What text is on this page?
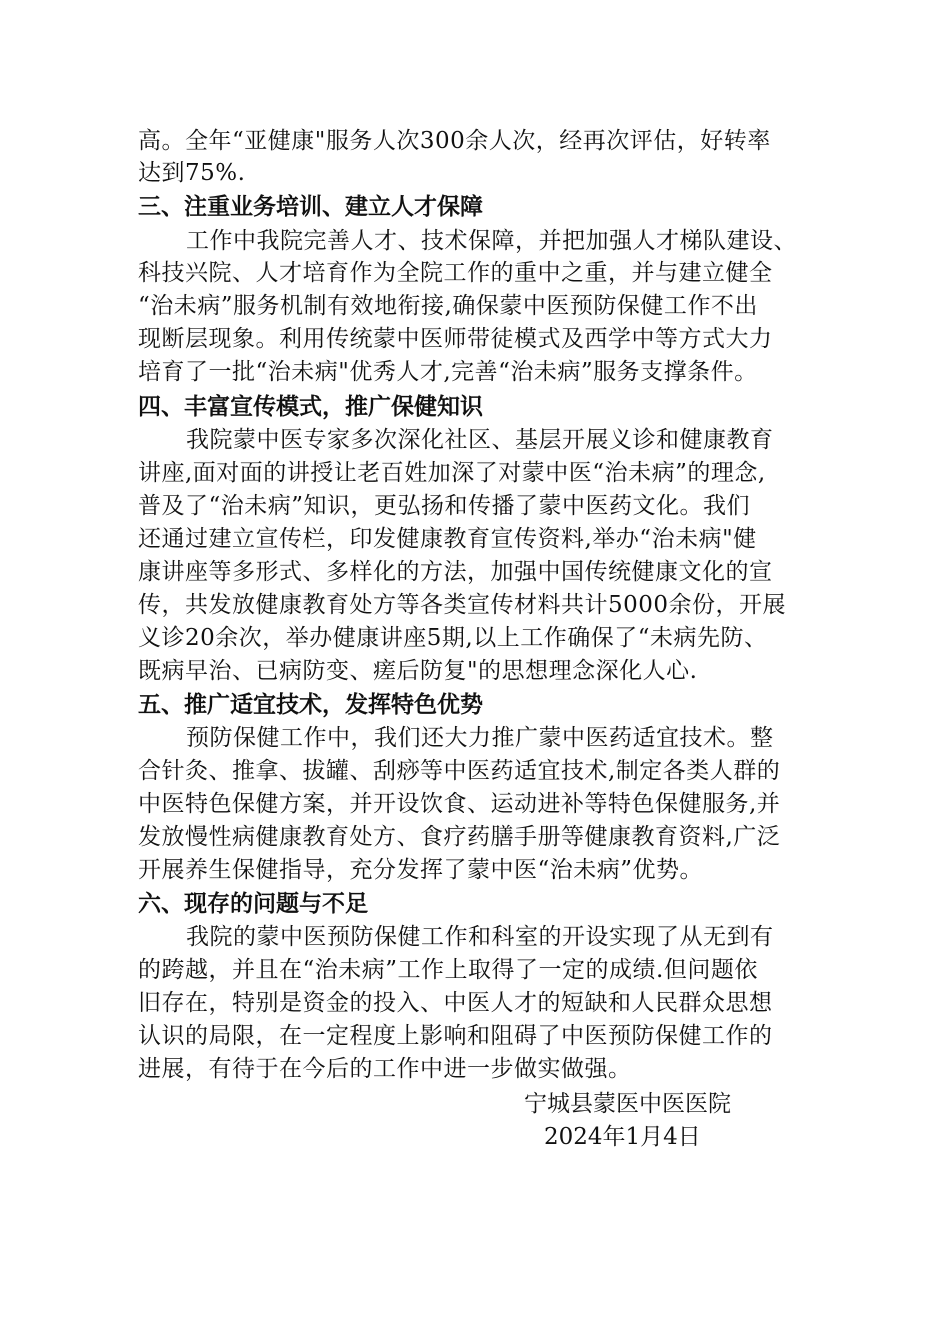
高。全年“亚健康"服务人次300余人次，经再次评估，好转率
达到75%.
三、注重业务培训、建立人才保障
工作中我院完善人才、技术保障，并把加强人才梯队建设、
科技兴院、人才培育作为全院工作的重中之重，并与建立健全
“治未病”服务机制有效地衔接,确保蒙中医预防保健工作不出
现断层现象。利用传统蒙中医师带徒模式及西学中等方式大力
培育了一批“治未病"优秀人才,完善“治未病”服务支撑条件。
四、丰富宣传模式，推广保健知识
我院蒙中医专家多次深化社区、基层开展义诊和健康教育
讲座,面对面的讲授让老百姓加深了对蒙中医“治未病”的理念,
普及了“治未病”知识，更弘扬和传播了蒙中医药文化。我们
还通过建立宣传栏，印发健康教育宣传资料,举办“治未病"健
康讲座等多形式、多样化的方法，加强中国传统健康文化的宣
传，共发放健康教育处方等各类宣传材料共计5000余份，开展
义诊20余次，举办健康讲座5期,以上工作确保了“未病先防、
既病早治、已病防变、瘥后防复"的思想理念深化人心.
五、推广适宜技术，发挥特色优势
预防保健工作中，我们还大力推广蒙中医药适宜技术。整
合针灸、推拿、拔罐、刮痧等中医药适宜技术,制定各类人群的
中医特色保健方案，并开设饮食、运动进补等特色保健服务,并
发放慢性病健康教育处方、食疗药膳手册等健康教育资料,广泛
开展养生保健指导，充分发挥了蒙中医“治未病”优势。
六、现存的问题与不足
我院的蒙中医预防保健工作和科室的开设实现了从无到有
的跨越，并且在“治未病”工作上取得了一定的成绩.但问题依
旧存在，特别是资金的投入、中医人才的短缺和人民群众思想
认识的局限，在一定程度上影响和阻碍了中医预防保健工作的
进展，有待于在今后的工作中进一步做实做强。
宁城县蒙医中医医院
2024年1月4日
